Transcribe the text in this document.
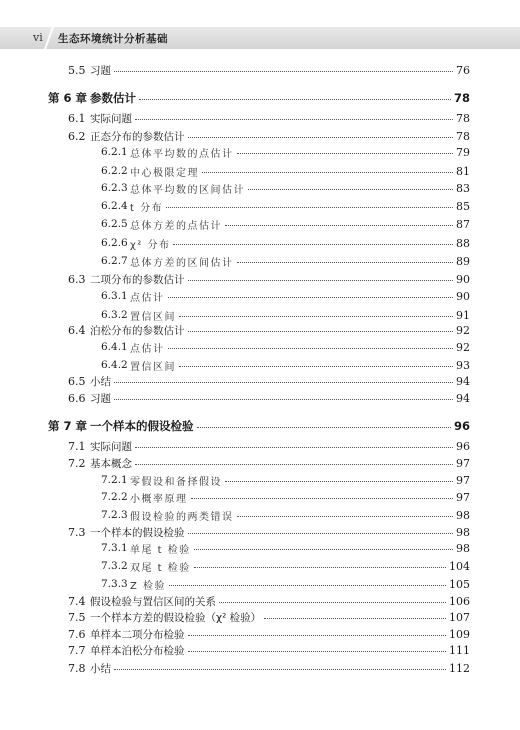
vi 生态环境统计分析基础
5.5 习题	76
第 6 章 参数估计	78
6.1 实际问题	78
6.2 正态分布的参数估计	78
6.2.1 总体平均数的点估计	79
6.2.2 中心极限定理	81
6.2.3 总体平均数的区间估计	83
6.2.4 t 分布	85
6.2.5 总体方差的点估计	87
6.2.6 χ² 分布	88
6.2.7 总体方差的区间估计	89
6.3 二项分布的参数估计	90
6.3.1 点估计	90
6.3.2 置信区间	91
6.4 泊松分布的参数估计	92
6.4.1 点估计	92
6.4.2 置信区间	93
6.5 小结	94
6.6 习题	94
第 7 章 一个样本的假设检验	96
7.1 实际问题	96
7.2 基本概念	97
7.2.1 零假设和备择假设	97
7.2.2 小概率原理	97
7.2.3 假设检验的两类错误	98
7.3 一个样本的假设检验	98
7.3.1 单尾 t 检验	98
7.3.2 双尾 t 检验	104
7.3.3 Z 检验	105
7.4 假设检验与置信区间的关系	106
7.5 一个样本方差的假设检验（χ² 检验）	107
7.6 单样本二项分布检验	109
7.7 单样本泊松分布检验	111
7.8 小结	112
